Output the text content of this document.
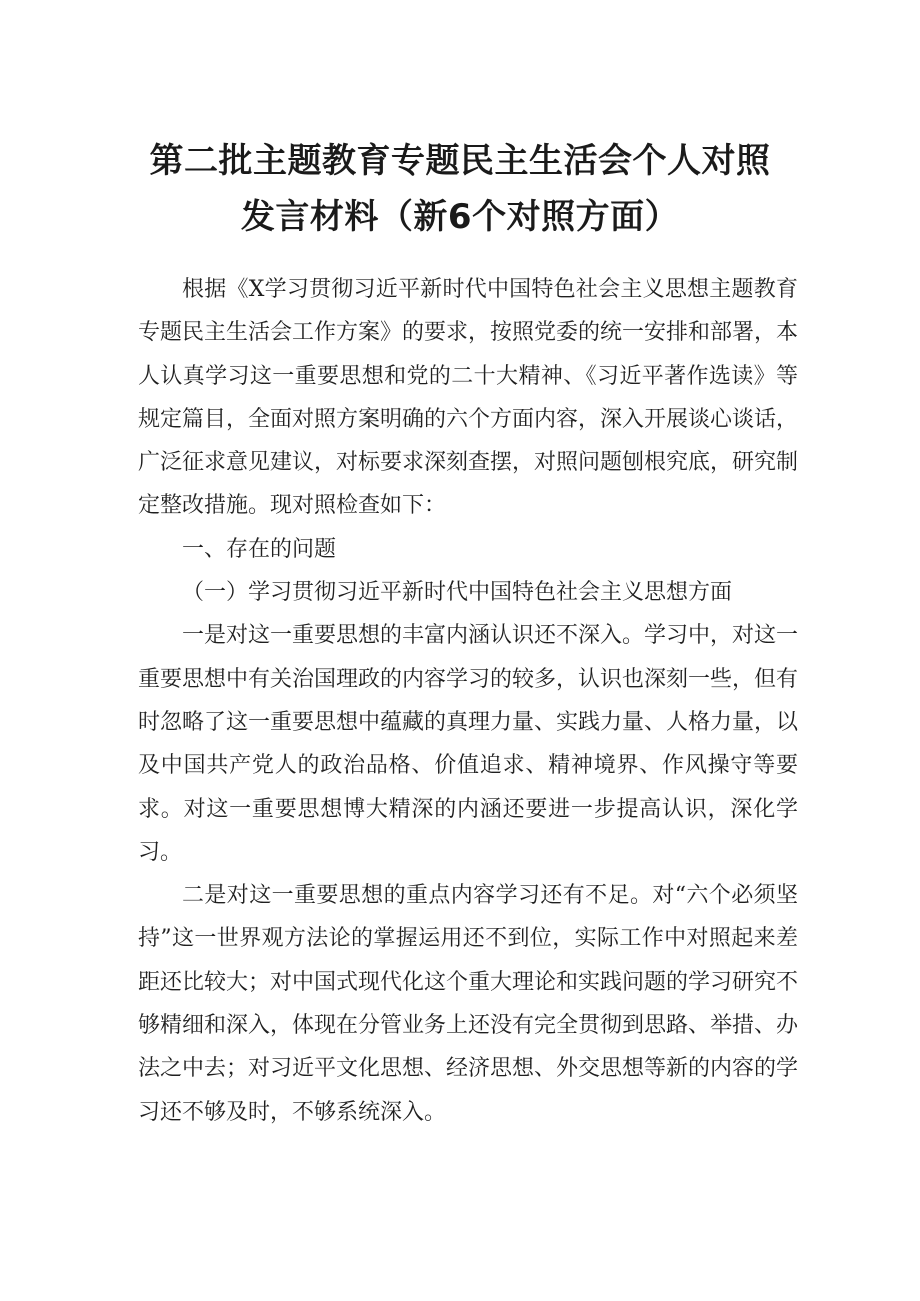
第二批主题教育专题民主生活会个人对照
发言材料（新6个对照方面）

根据《X学习贯彻习近平新时代中国特色社会主义思想主题教育专题民主生活会工作方案》的要求，按照党委的统一安排和部署，本人认真学习这一重要思想和党的二十大精神、《习近平著作选读》等规定篇目，全面对照方案明确的六个方面内容，深入开展谈心谈话，广泛征求意见建议，对标要求深刻查摆，对照问题刨根究底，研究制定整改措施。现对照检查如下：

一、存在的问题

（一）学习贯彻习近平新时代中国特色社会主义思想方面

一是对这一重要思想的丰富内涵认识还不深入。学习中，对这一重要思想中有关治国理政的内容学习的较多，认识也深刻一些，但有时忽略了这一重要思想中蕴藏的真理力量、实践力量、人格力量，以及中国共产党人的政治品格、价值追求、精神境界、作风操守等要求。对这一重要思想博大精深的内涵还要进一步提高认识，深化学习。

二是对这一重要思想的重点内容学习还有不足。对“六个必须坚持”这一世界观方法论的掌握运用还不到位，实际工作中对照起来差距还比较大；对中国式现代化这个重大理论和实践问题的学习研究不够精细和深入，体现在分管业务上还没有完全贯彻到思路、举措、办法之中去；对习近平文化思想、经济思想、外交思想等新的内容的学习还不够及时，不够系统深入。
